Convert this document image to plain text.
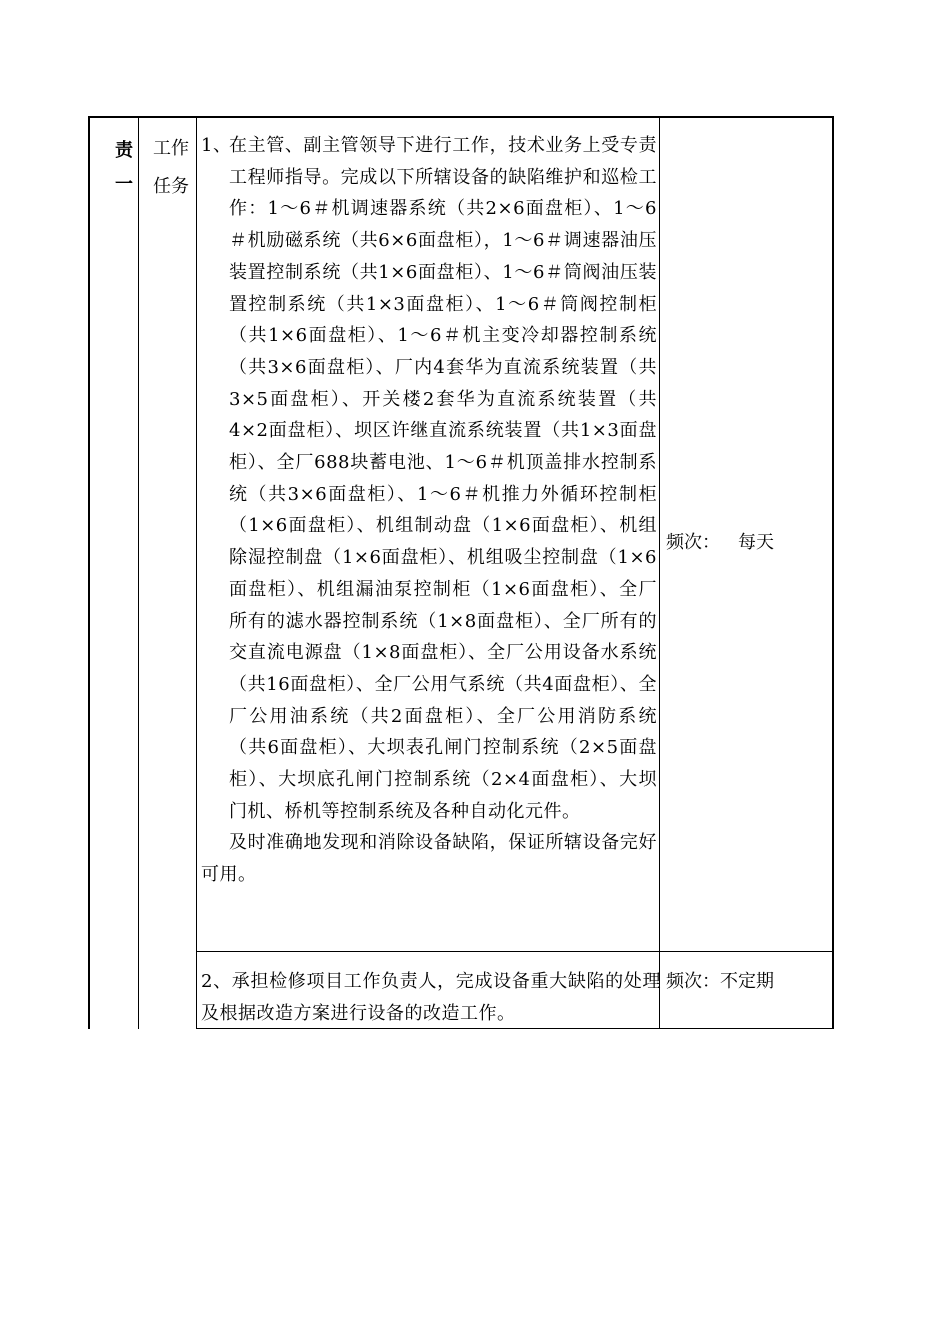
责
一
工作
任务
1、
在主管、副主管领导下进行工作，技术业务上受专责工程师指导。完成以下所辖设备的缺陷维护和巡检工作：1～6＃机调速器系统（共2×6面盘柜）、1～6＃机励磁系统（共6×6面盘柜），1～6＃调速器油压装置控制系统（共1×6面盘柜）、1～6＃筒阀油压装置控制系统（共1×3面盘柜）、1～6＃筒阀控制柜（共1×6面盘柜）、1～6＃机主变冷却器控制系统（共3×6面盘柜）、厂内4套华为直流系统装置（共3×5面盘柜）、开关楼2套华为直流系统装置（共4×2面盘柜）、坝区许继直流系统装置（共1×3面盘柜）、全厂688块蓄电池、1～6＃机顶盖排水控制系统（共3×6面盘柜）、1～6＃机推力外循环控制柜（1×6面盘柜）、机组制动盘（1×6面盘柜）、机组除湿控制盘（1×6面盘柜）、机组吸尘控制盘（1×6面盘柜）、机组漏油泵控制柜（1×6面盘柜）、全厂所有的滤水器控制系统（1×8面盘柜）、全厂所有的交直流电源盘（1×8面盘柜）、全厂公用设备水系统（共16面盘柜）、全厂公用气系统（共4面盘柜）、全厂公用油系统（共2面盘柜）、全厂公用消防系统（共6面盘柜）、大坝表孔闸门控制系统（2×5面盘柜）、大坝底孔闸门控制系统（2×4面盘柜）、大坝门机、桥机等控制系统及各种自动化元件。
及时准确地发现和消除设备缺陷，保证所辖设备完好可用。
频次： 每天
2、承担检修项目工作负责人，完成设备重大缺陷的处理及根据改造方案进行设备的改造工作。
频次：不定期
